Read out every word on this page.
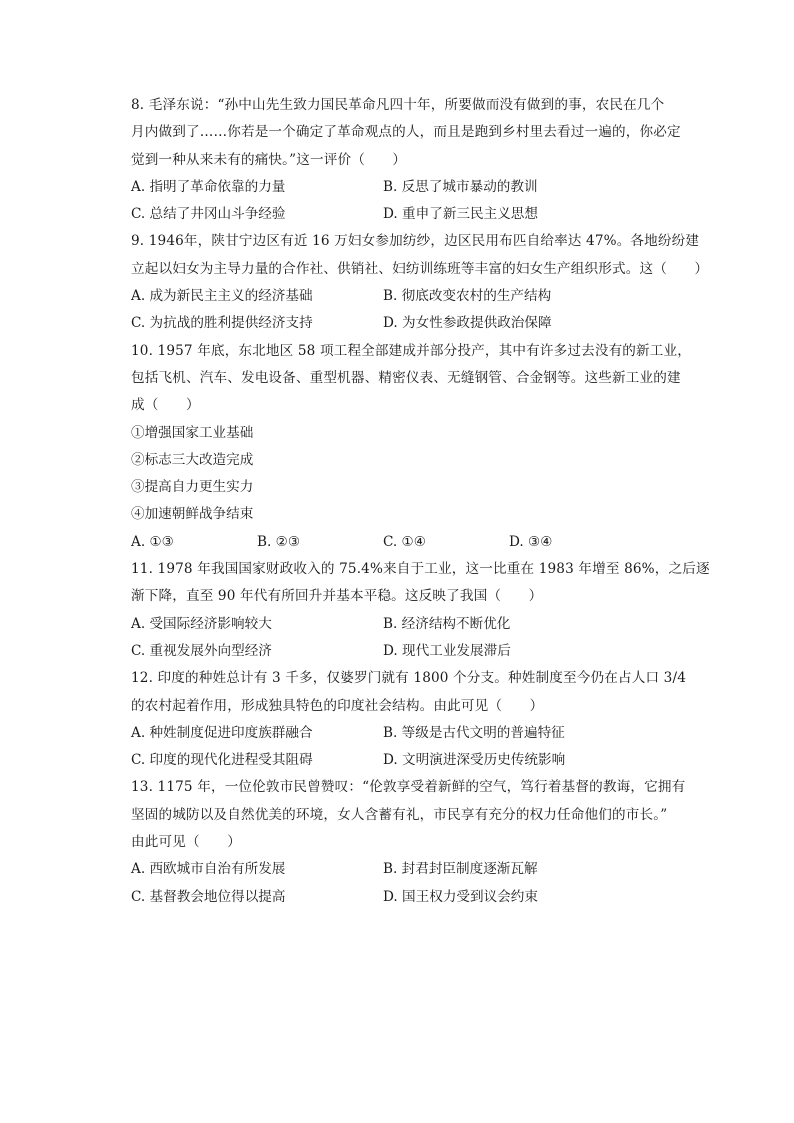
8. 毛泽东说：“孙中山先生致力国民革命凡四十年，所要做而没有做到的事，农民在几个
月内做到了……你若是一个确定了革命观点的人，而且是跑到乡村里去看过一遍的，你必定
觉到一种从来未有的痛快。”这一评价（　　）
A. 指明了革命依靠的力量	B. 反思了城市暴动的教训
C. 总结了井冈山斗争经验	D. 重申了新三民主义思想
9. 1946年，陕甘宁边区有近 16 万妇女参加纺纱，边区民用布匹自给率达 47%。各地纷纷建
立起以妇女为主导力量的合作社、供销社、妇纺训练班等丰富的妇女生产组织形式。这（　　）
A. 成为新民主主义的经济基础	B. 彻底改变农村的生产结构
C. 为抗战的胜利提供经济支持	D. 为女性参政提供政治保障
10. 1957 年底，东北地区 58 项工程全部建成并部分投产，其中有许多过去没有的新工业，
包括飞机、汽车、发电设备、重型机器、精密仪表、无缝钢管、合金钢等。这些新工业的建
成（　　）
①增强国家工业基础
②标志三大改造完成
③提高自力更生实力
④加速朝鲜战争结束
A. ①③	B. ②③	C. ①④	D. ③④
11. 1978 年我国国家财政收入的 75.4%来自于工业，这一比重在 1983 年增至 86%，之后逐
渐下降，直至 90 年代有所回升并基本平稳。这反映了我国（　　）
A. 受国际经济影响较大	B. 经济结构不断优化
C. 重视发展外向型经济	D. 现代工业发展滞后
12. 印度的种姓总计有 3 千多，仅婆罗门就有 1800 个分支。种姓制度至今仍在占人口 3/4
的农村起着作用，形成独具特色的印度社会结构。由此可见（　　）
A. 种姓制度促进印度族群融合	B. 等级是古代文明的普遍特征
C. 印度的现代化进程受其阻碍	D. 文明演进深受历史传统影响
13. 1175 年，一位伦敦市民曾赞叹：“伦敦享受着新鲜的空气，笃行着基督的教诲，它拥有
坚固的城防以及自然优美的环境，女人含蓄有礼，市民享有充分的权力任命他们的市长。”
由此可见（　　）
A. 西欧城市自治有所发展	B. 封君封臣制度逐渐瓦解
C. 基督教会地位得以提高	D. 国王权力受到议会约束
